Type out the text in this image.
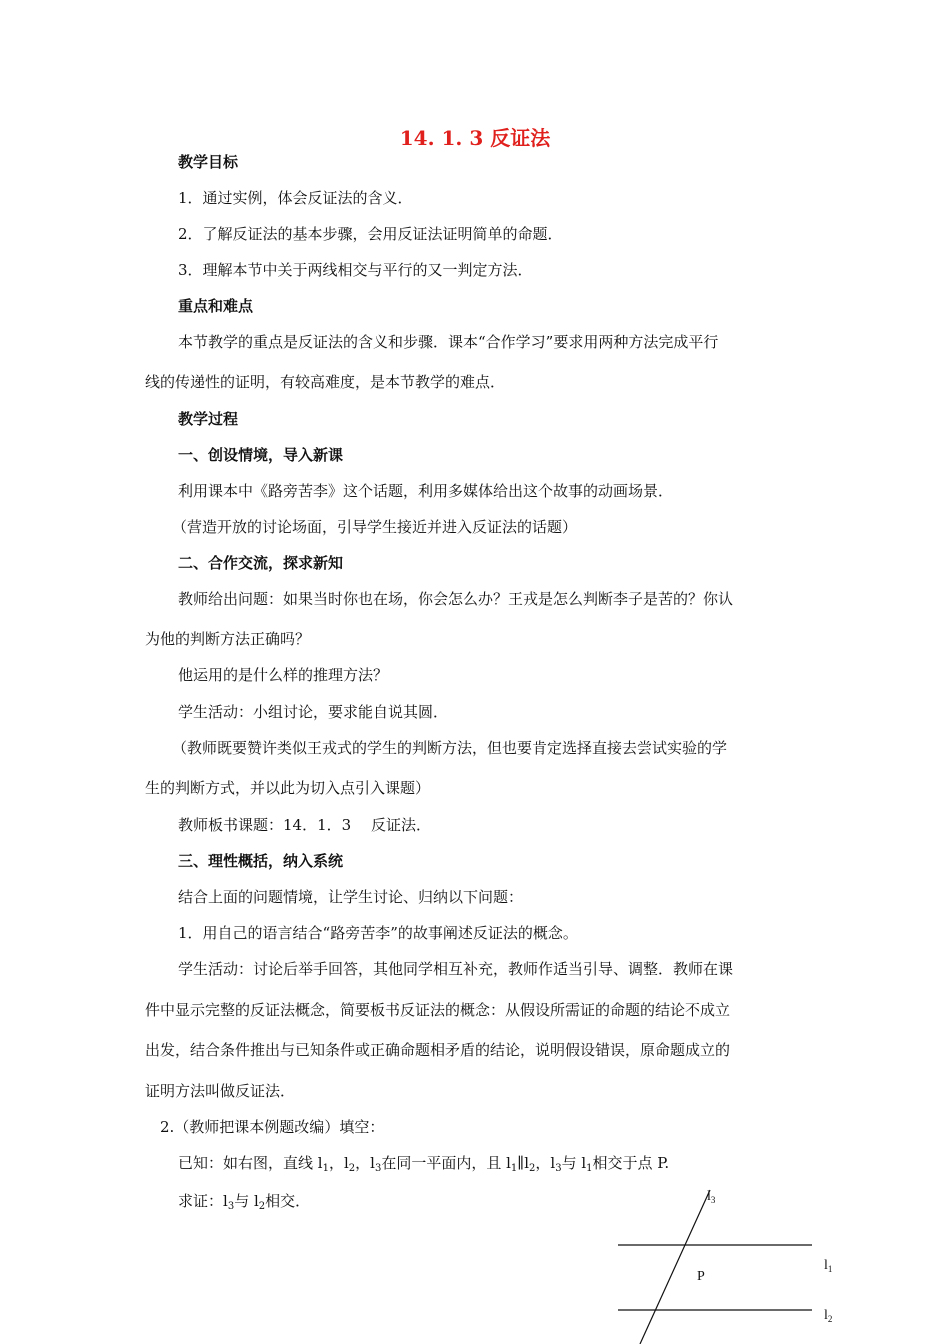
14. 1. 3 反证法
教学目标
1．通过实例，体会反证法的含义．
2．了解反证法的基本步骤，会用反证法证明简单的命题．
3．理解本节中关于两线相交与平行的又一判定方法．
重点和难点
本节教学的重点是反证法的含义和步骤．课本“合作学习”要求用两种方法完成平行
线的传递性的证明，有较高难度，是本节教学的难点．
教学过程
一、创设情境，导入新课
利用课本中《路旁苦李》这个话题，利用多媒体给出这个故事的动画场景．
（营造开放的讨论场面，引导学生接近并进入反证法的话题）
二、合作交流，探求新知
教师给出问题：如果当时你也在场，你会怎么办？王戎是怎么判断李子是苦的？你认
为他的判断方法正确吗？
他运用的是什么样的推理方法？
学生活动：小组讨论，要求能自说其圆．
（教师既要赞许类似王戎式的学生的判断方法，但也要肯定选择直接去尝试实验的学
生的判断方式，并以此为切入点引入课题）
教师板书课题：14．1．3　 反证法．
三、理性概括，纳入系统
结合上面的问题情境，让学生讨论、归纳以下问题：
1．用自己的语言结合“路旁苦李”的故事阐述反证法的概念。
学生活动：讨论后举手回答，其他同学相互补充，教师作适当引导、调整．教师在课
件中显示完整的反证法概念，简要板书反证法的概念：从假设所需证的命题的结论不成立
出发，结合条件推出与已知条件或正确命题相矛盾的结论，说明假设错误，原命题成立的
证明方法叫做反证法．
2.（教师把课本例题改编）填空：
已知：如右图，直线 $l_1$，$l_2$，$l_3$在同一平面内，且 $l_1\parallel l_2$，$l_3$与 $l_1$相交于点 P.
求证：$l_3$与 $l_2$相交．	$l_3$
$l_1$
$l_2$
P
